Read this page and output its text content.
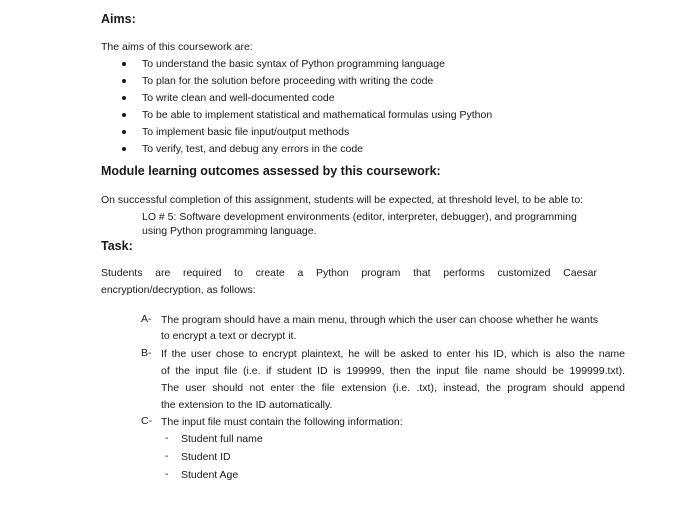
Aims:
The aims of this coursework are:
To understand the basic syntax of Python programming language
To plan for the solution before proceeding with writing the code
To write clean and well-documented code
To be able to implement statistical and mathematical formulas using Python
To implement basic file input/output methods
To verify, test, and debug any errors in the code
Module learning outcomes assessed by this coursework:
On successful completion of this assignment, students will be expected, at threshold level, to be able to:
LO # 5: Software development environments (editor, interpreter, debugger), and programming
using Python programming language.
Task:
Students are required to create a Python program that performs customized Caesar
encryption/decryption, as follows:
A- The program should have a main menu, through which the user can choose whether he wants
to encrypt a text or decrypt it.
B- If the user chose to encrypt plaintext, he will be asked to enter his ID, which is also the name
of the input file (i.e. if student ID is 199999, then the input file name should be 199999.txt).
The user should not enter the file extension (i.e. .txt), instead, the program should append
the extension to the ID automatically.
C- The input file must contain the following information:
- Student full name
- Student ID
- Student Age
